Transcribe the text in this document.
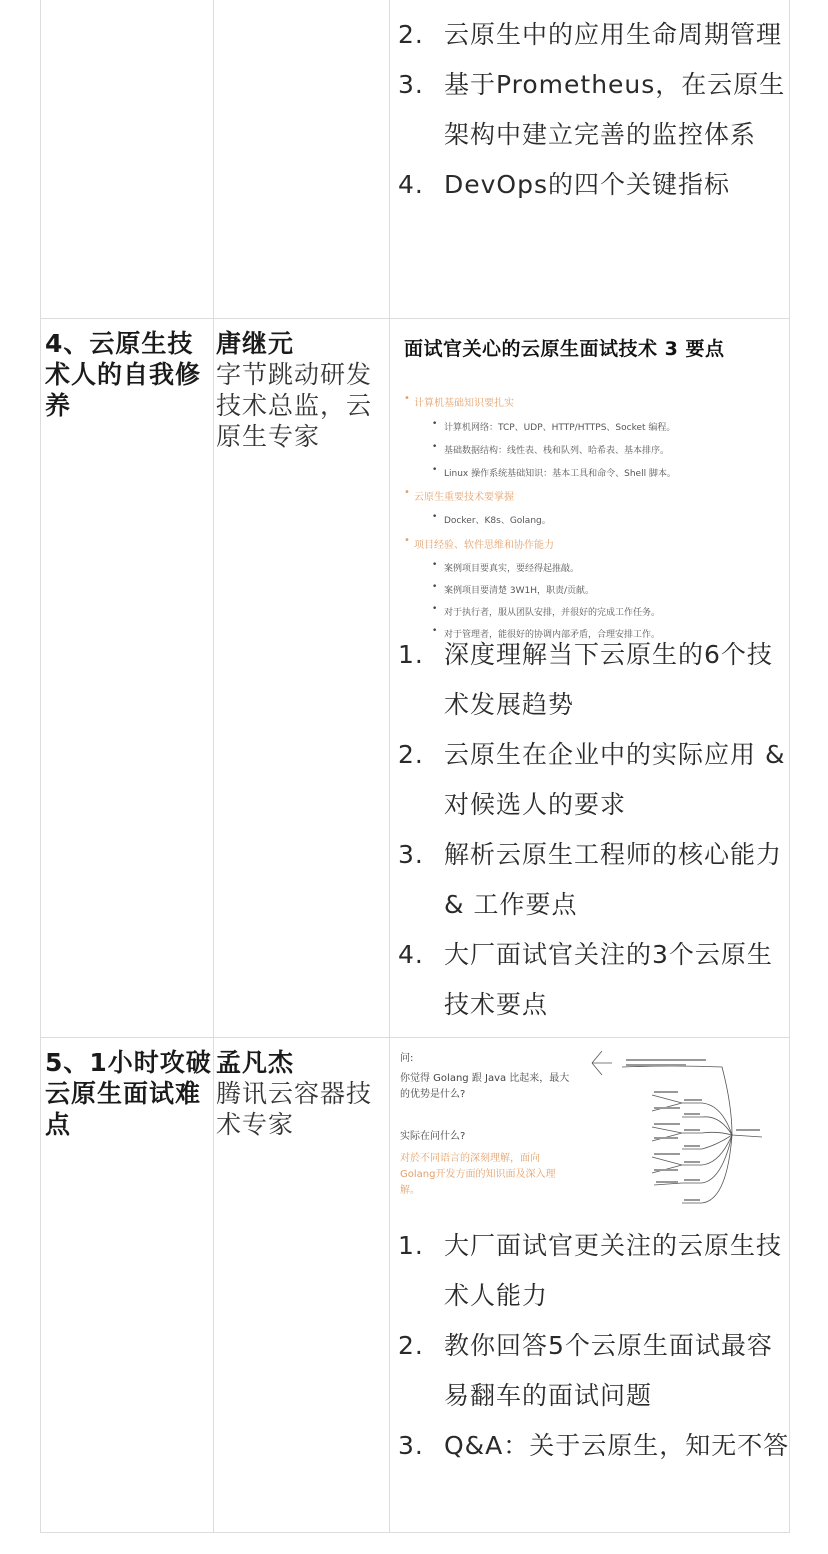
2. 云原生中的应用生命周期管理
3. 基于Prometheus，在云原生架构中建立完善的监控体系
4. DevOps的四个关键指标
4、云原生技术人的自我修养
唐继元
字节跳动研发技术总监，云原生专家
面试官关心的云原生面试技术 3 要点
• 计算机基础知识要扎实
• 计算机网络：TCP、UDP、HTTP/HTTPS、Socket 编程。
• 基础数据结构：线性表、栈和队列、哈希表、基本排序。
• Linux 操作系统基础知识：基本工具和命令、Shell 脚本。
• 云原生重要技术要掌握
• Docker、K8s、Golang。
• 项目经验、软件思维和协作能力
• 案例项目要真实，要经得起推敲。
• 案例项目要清楚 3W1H，职责/贡献。
• 对于执行者，服从团队安排，并很好的完成工作任务。
• 对于管理者，能很好的协调内部矛盾，合理安排工作。
1. 深度理解当下云原生的6个技术发展趋势
2. 云原生在企业中的实际应用 & 对候选人的要求
3. 解析云原生工程师的核心能力 & 工作要点
4. 大厂面试官关注的3个云原生技术要点
5、1小时攻破云原生面试难点
孟凡杰
腾讯云容器技术专家
问:
你觉得 Golang 跟 Java 比起来，最大的优势是什么?
实际在问什么?
对於不同语言的深刻理解，面向Golang开发方面的知识面及深入理解。
1. 大厂面试官更关注的云原生技术人能力
2. 教你回答5个云原生面试最容易翻车的面试问题
3. Q&A：关于云原生，知无不答
